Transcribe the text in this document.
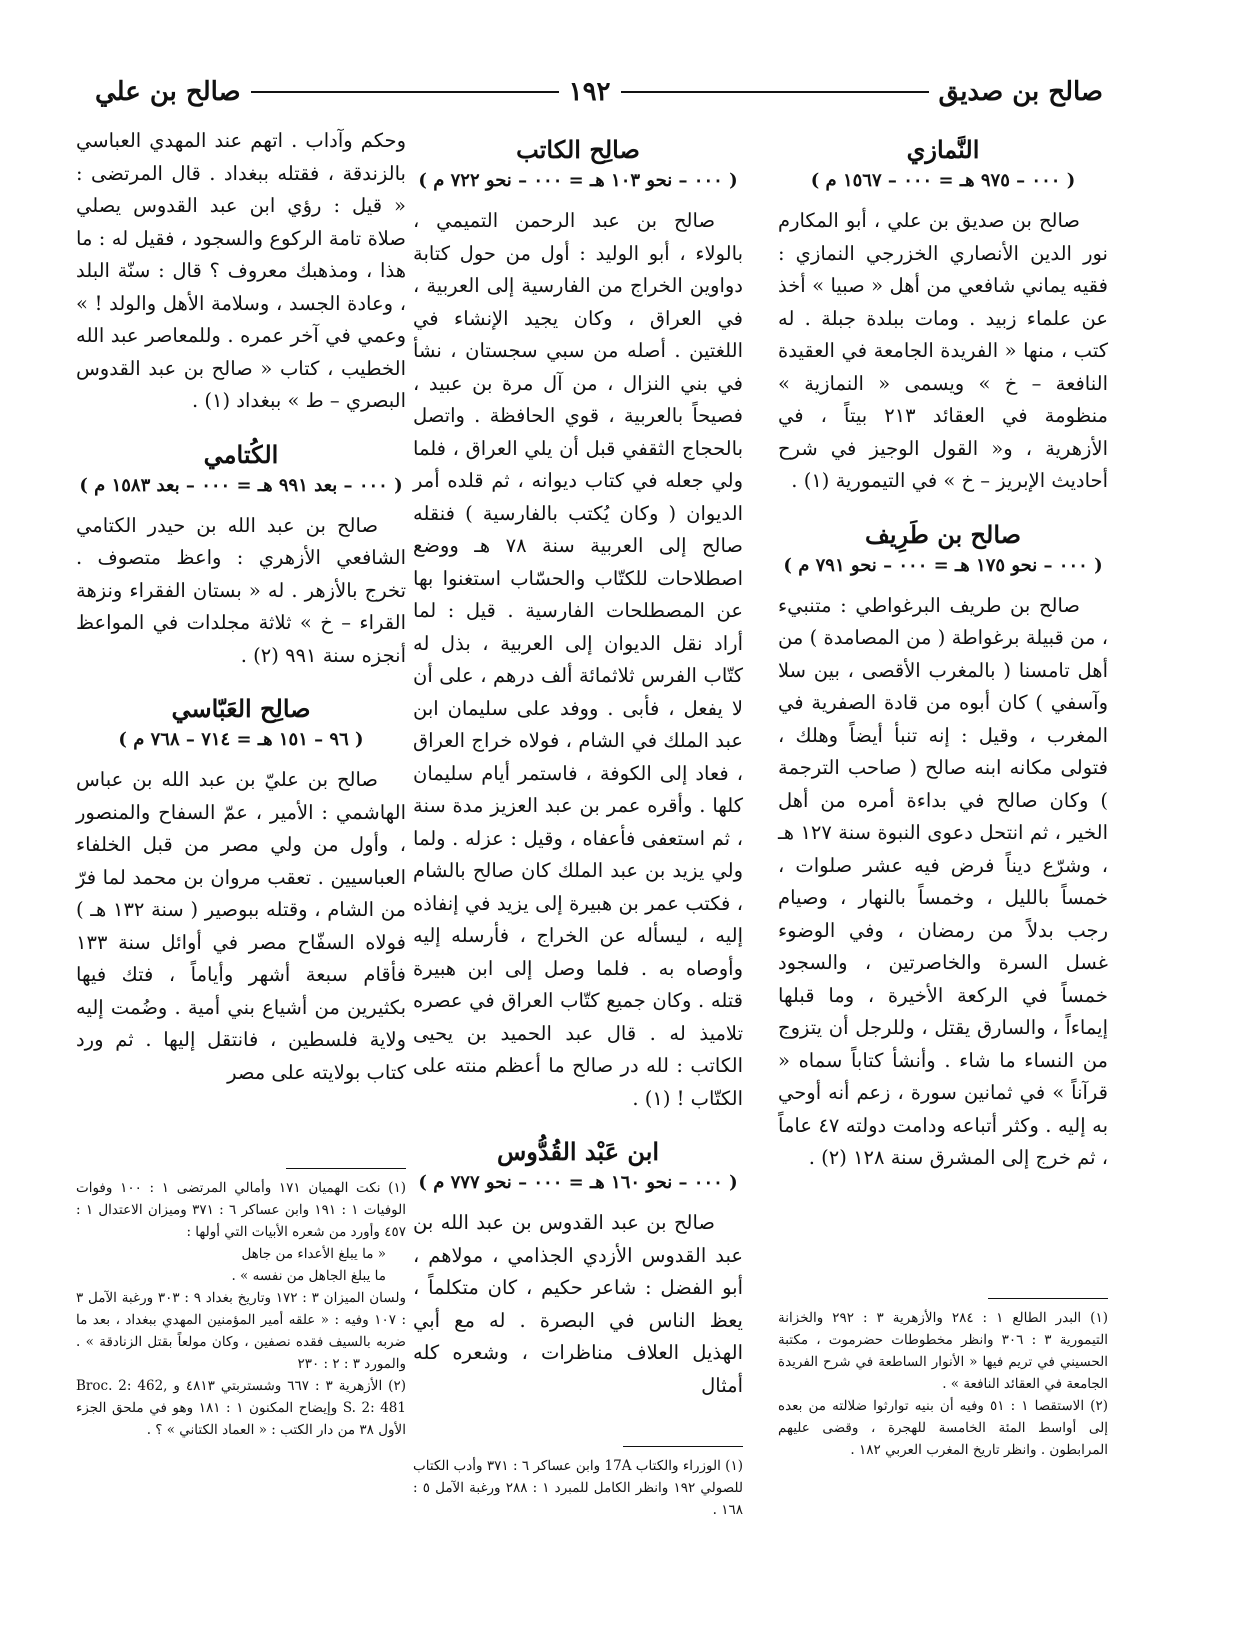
صالح بن صديق
١٩٢
صالح بن علي
النَّمازي
( ٠٠٠ – ٩٧٥ هـ = ٠٠٠ – ١٥٦٧ م )

صالح بن صديق بن علي ، أبو المكارم نور الدين الأنصاري الخزرجي النمازي : فقيه يماني شافعي من أهل « صبيا » أخذ عن علماء زبيد . ومات ببلدة جبلة . له كتب ، منها « الفريدة الجامعة في العقيدة النافعة – خ » ويسمى « النمازية » منظومة في العقائد ٢١٣ بيتاً ، في الأزهرية ، و« القول الوجيز في شرح أحاديث الإبريز – خ » في التيمورية (١) .

صالح بن طَرِيف
( ٠٠٠ – نحو ١٧٥ هـ = ٠٠٠ – نحو ٧٩١ م )

صالح بن طريف البرغواطي : متنبيء ، من قبيلة برغواطة ( من المصامدة ) من أهل تامسنا ( بالمغرب الأقصى ، بين سلا وآسفي ) كان أبوه من قادة الصفرية في المغرب ، وقيل : إنه تنبأ أيضاً وهلك ، فتولى مكانه ابنه صالح ( صاحب الترجمة ) وكان صالح في بداءة أمره من أهل الخير ، ثم انتحل دعوى النبوة سنة ١٢٧ هـ ، وشرّع ديناً فرض فيه عشر صلوات ، خمساً بالليل ، وخمساً بالنهار ، وصيام رجب بدلاً من رمضان ، وفي الوضوء غسل السرة والخاصرتين ، والسجود خمساً في الركعة الأخيرة ، وما قبلها إيماءاً ، والسارق يقتل ، وللرجل أن يتزوج من النساء ما شاء . وأنشأ كتاباً سماه « قرآناً » في ثمانين سورة ، زعم أنه أوحي به إليه . وكثر أتباعه ودامت دولته ٤٧ عاماً ، ثم خرج إلى المشرق سنة ١٢٨ (٢) .

(١) البدر الطالع ١ : ٢٨٤ والأزهرية ٣ : ٢٩٢ والخزانة التيمورية ٣ : ٣٠٦ وانظر مخطوطات حضرموت ، مكتبة الحسيني في تريم فيها « الأنوار الساطعة في شرح الفريدة الجامعة في العقائد النافعة » .

(٢) الاستقصا ١ : ٥١ وفيه أن بنيه توارثوا ضلالته من بعده إلى أواسط المئة الخامسة للهجرة ، وقضى عليهم المرابطون . وانظر تاريخ المغرب العربي ١٨٢ .

صالِح الكاتب
( ٠٠٠ – نحو ١٠٣ هـ = ٠٠٠ – نحو ٧٢٢ م )

صالح بن عبد الرحمن التميمي ، بالولاء ، أبو الوليد : أول من حول كتابة دواوين الخراج من الفارسية إلى العربية ، في العراق ، وكان يجيد الإنشاء في اللغتين . أصله من سبي سجستان ، نشأ في بني النزال ، من آل مرة بن عبيد ، فصيحاً بالعربية ، قوي الحافظة . واتصل بالحجاج الثقفي قبل أن يلي العراق ، فلما ولي جعله في كتاب ديوانه ، ثم قلده أمر الديوان ( وكان يُكتب بالفارسية ) فنقله صالح إلى العربية سنة ٧٨ هـ ووضع اصطلاحات للكتّاب والحسّاب استغنوا بها عن المصطلحات الفارسية . قيل : لما أراد نقل الديوان إلى العربية ، بذل له كتّاب الفرس ثلاثمائة ألف درهم ، على أن لا يفعل ، فأبى . ووفد على سليمان ابن عبد الملك في الشام ، فولاه خراج العراق ، فعاد إلى الكوفة ، فاستمر أيام سليمان كلها . وأقره عمر بن عبد العزيز مدة سنة ، ثم استعفى فأعفاه ، وقيل : عزله . ولما ولي يزيد بن عبد الملك كان صالح بالشام ، فكتب عمر بن هبيرة إلى يزيد في إنفاذه إليه ، ليسأله عن الخراج ، فأرسله إليه وأوصاه به . فلما وصل إلى ابن هبيرة قتله . وكان جميع كتّاب العراق في عصره تلاميذ له . قال عبد الحميد بن يحيى الكاتب : لله در صالح ما أعظم منته على الكتّاب ! (١) .

ابن عَبْد القُدُّوس
( ٠٠٠ – نحو ١٦٠ هـ = ٠٠٠ – نحو ٧٧٧ م )

صالح بن عبد القدوس بن عبد الله بن عبد القدوس الأزدي الجذامي ، مولاهم ، أبو الفضل : شاعر حكيم ، كان متكلماً ، يعظ الناس في البصرة . له مع أبي الهذيل العلاف مناظرات ، وشعره كله أمثال

(١) الوزراء والكتاب 17A وابن عساكر ٦ : ٣٧١ وأدب الكتاب للصولي ١٩٢ وانظر الكامل للمبرد ١ : ٢٨٨ ورغبة الآمل ٥ : ١٦٨ .

وحكم وآداب . اتهم عند المهدي العباسي بالزندقة ، فقتله ببغداد . قال المرتضى : « قيل : رؤي ابن عبد القدوس يصلي صلاة تامة الركوع والسجود ، فقيل له : ما هذا ، ومذهبك معروف ؟ قال : سنّة البلد ، وعادة الجسد ، وسلامة الأهل والولد ! » وعمي في آخر عمره . وللمعاصر عبد الله الخطيب ، كتاب « صالح بن عبد القدوس البصري – ط » ببغداد (١) .

الكُتامي
( ٠٠٠ – بعد ٩٩١ هـ = ٠٠٠ – بعد ١٥٨٣ م )

صالح بن عبد الله بن حيدر الكتامي الشافعي الأزهري : واعظ متصوف . تخرج بالأزهر . له « بستان الفقراء ونزهة القراء – خ » ثلاثة مجلدات في المواعظ أنجزه سنة ٩٩١ (٢) .

صالِح العَبّاسي
( ٩٦ – ١٥١ هـ = ٧١٤ – ٧٦٨ م )

صالح بن عليّ بن عبد الله بن عباس الهاشمي : الأمير ، عمّ السفاح والمنصور ، وأول من ولي مصر من قبل الخلفاء العباسيين . تعقب مروان بن محمد لما فرّ من الشام ، وقتله ببوصير ( سنة ١٣٢ هـ ) فولاه السفّاح مصر في أوائل سنة ١٣٣ فأقام سبعة أشهر وأياماً ، فتك فيها بكثيرين من أشياع بني أمية . وضُمت إليه ولاية فلسطين ، فانتقل إليها . ثم ورد كتاب بولايته على مصر

(١) نكت الهميان ١٧١ وأمالي المرتضى ١ : ١٠٠ وفوات الوفيات ١ : ١٩١ وابن عساكر ٦ : ٣٧١ وميزان الاعتدال ١ : ٤٥٧ وأورد من شعره الأبيات التي أولها :

« ما يبلغ الأعداء من جاهل

ما يبلغ الجاهل من نفسه » .

ولسان الميزان ٣ : ١٧٢ وتاريخ بغداد ٩ : ٣٠٣ ورغبة الآمل ٣ : ١٠٧ وفيه : « علقه أمير المؤمنين المهدي ببغداد ، بعد ما ضربه بالسيف فقده نصفين ، وكان مولعاً بقتل الزنادقة » . والمورد ٣ : ٢ : ٢٣٠

(٢) الأزهرية ٣ : ٦٦٧ وشستربتي ٤٨١٣ و Broc. 2: 462, S. 2: 481 وإيضاح المكنون ١ : ١٨١ وهو في ملحق الجزء الأول ٣٨ من دار الكتب : « العماد الكتاني » ؟ .
